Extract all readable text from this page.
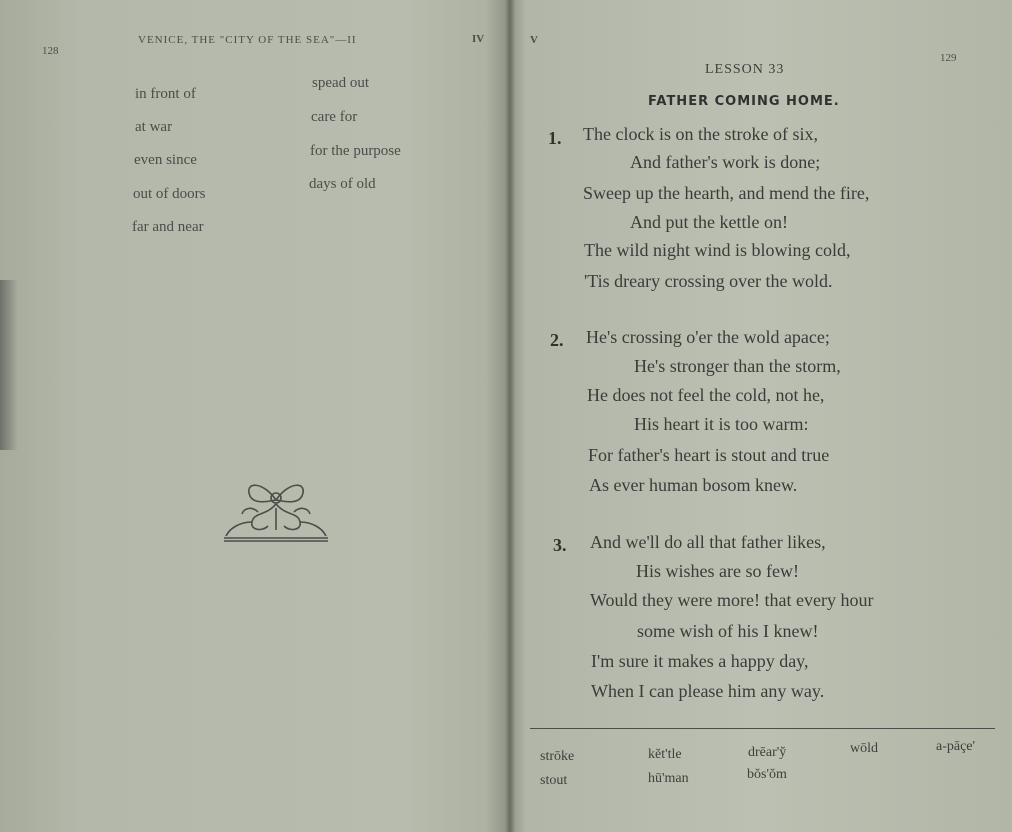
128
VENICE, THE "CITY OF THE SEA"—II	IV
in front of
at war
even since
out of doors
far and near
spead out
care for
for the purpose
days of old
V
129
LESSON 33
FATHER COMING HOME.
1. The clock is on the stroke of six,
And father's work is done;
Sweep up the hearth, and mend the fire,
And put the kettle on!
The wild night wind is blowing cold,
'Tis dreary crossing over the wold.
2. He's crossing o'er the wold apace;
He's stronger than the storm,
He does not feel the cold, not he,
His heart it is too warm:
For father's heart is stout and true
As ever human bosom knew.
3. And we'll do all that father likes,
His wishes are so few!
Would they were more! that every hour
some wish of his I knew!
I'm sure it makes a happy day,
When I can please him any way.
strōke	kĕt'tle	drēar'y̆	wōld	a-pāçe'
stout	hū'man	bŏs'ŏm
